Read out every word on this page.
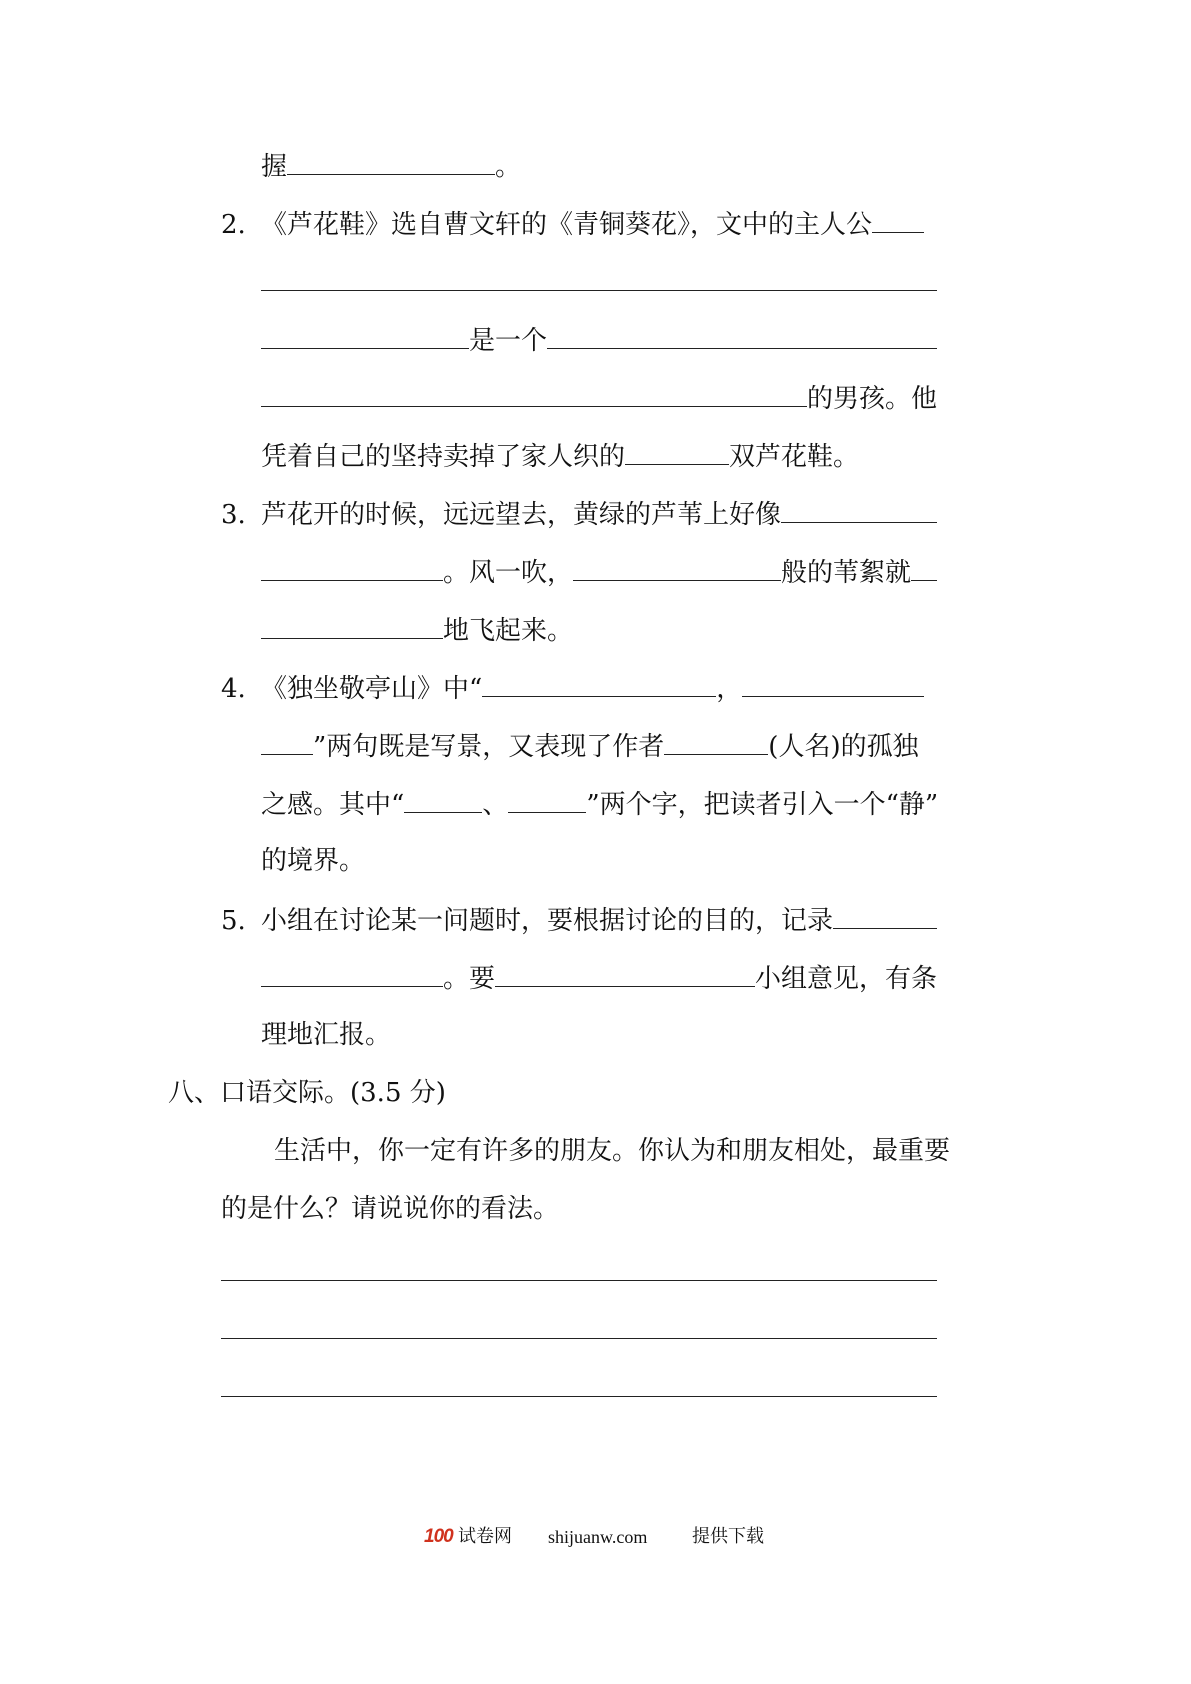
握	。
2. 《芦花鞋》选自曹文轩的《青铜葵花》，文中的主人公
是一个
的男孩。他
凭着自己的坚持卖掉了家人织的	双芦花鞋。
3. 芦花开的时候，远远望去，黄绿的芦苇上好像
。风一吹，	般的苇絮就
地飞起来。
4. 《独坐敬亭山》中“	，
”两句既是写景，又表现了作者	(人名)的孤独
之感。其中“	、	”两个字，把读者引入一个“静”
的境界。
5. 小组在讨论某一问题时，要根据讨论的目的，记录
。要	小组意见，有条
理地汇报。
八、口语交际。(3.5 分)
生活中，你一定有许多的朋友。你认为和朋友相处，最重要
的是什么？请说说你的看法。
100 试卷网 shijuanw.com 提供下载
